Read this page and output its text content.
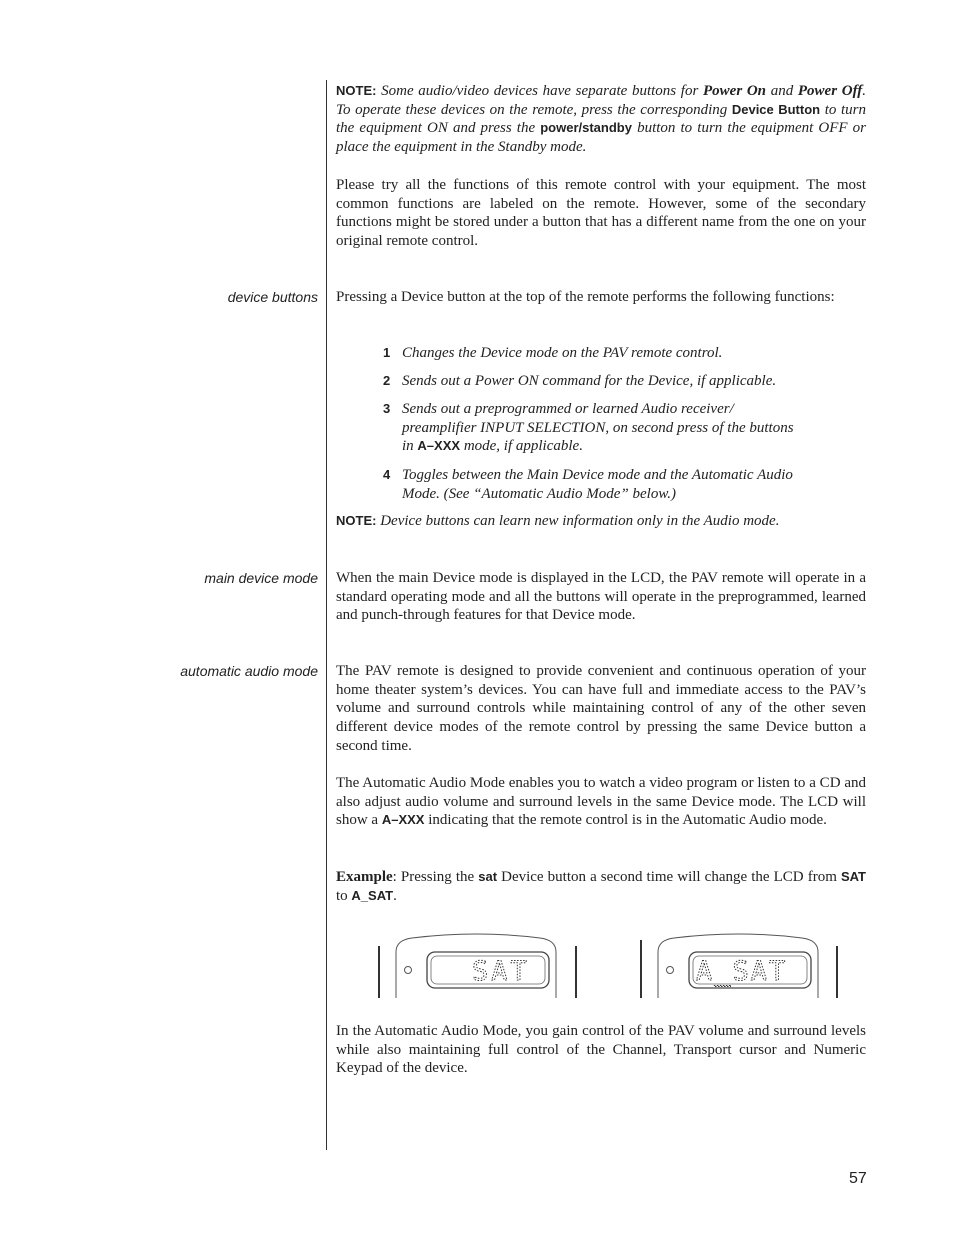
NOTE: Some audio/video devices have separate buttons for Power On and Power Off. To operate these devices on the remote, press the corresponding Device Button to turn the equipment ON and press the power/standby button to turn the equipment OFF or place the equipment in the Standby mode.
Please try all the functions of this remote control with your equipment. The most common functions are labeled on the remote. However, some of the secondary functions might be stored under a button that has a different name from the one on your original remote control.
device buttons Pressing a Device button at the top of the remote performs the following functions:
1 Changes the Device mode on the PAV remote control.
2 Sends out a Power ON command for the Device, if applicable.
3 Sends out a preprogrammed or learned Audio receiver/ preamplifier INPUT SELECTION, on second press of the buttons in A–XXX mode, if applicable.
4 Toggles between the Main Device mode and the Automatic Audio Mode. (See “Automatic Audio Mode” below.)
NOTE: Device buttons can learn new information only in the Audio mode.
main device mode When the main Device mode is displayed in the LCD, the PAV remote will operate in a standard operating mode and all the buttons will operate in the preprogrammed, learned and punch-through features for that Device mode.
automatic audio mode The PAV remote is designed to provide convenient and continuous operation of your home theater system’s devices. You can have full and immediate access to the PAV’s volume and surround controls while maintaining control of any of the other seven different device modes of the remote control by pressing the same Device button a second time.
The Automatic Audio Mode enables you to watch a video program or listen to a CD and also adjust audio volume and surround levels in the same Device mode. The LCD will show a A–XXX indicating that the remote control is in the Automatic Audio mode.
Example: Pressing the sat Device button a second time will change the LCD from SAT to A_SAT.
SAT	A_SAT
In the Automatic Audio Mode, you gain control of the PAV volume and surround levels while also maintaining full control of the Channel, Transport cursor and Numeric Keypad of the device.
57
